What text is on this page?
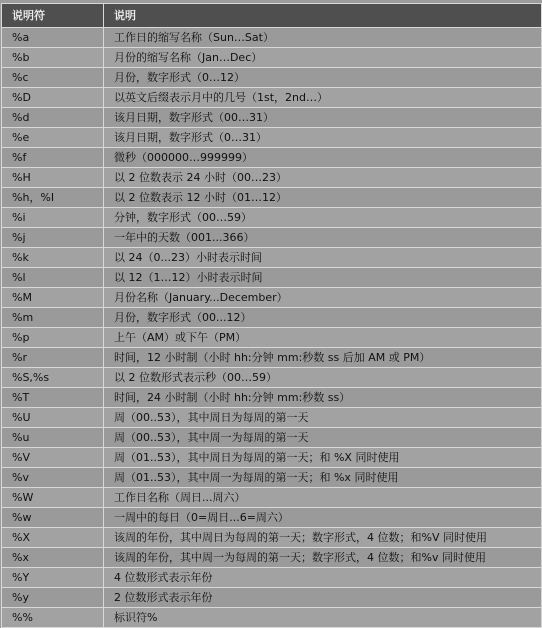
说明符	说明
%a	工作日的缩写名称（Sun…Sat）
%b	月份的缩写名称（Jan…Dec）
%c	月份，数字形式（0…12）
%D	以英文后缀表示月中的几号（1st，2nd…）
%d	该月日期，数字形式（00…31）
%e	该月日期，数字形式（0…31）
%f	微秒（000000…999999）
%H	以 2 位数表示 24 小时（00…23）
%h，%I	以 2 位数表示 12 小时（01…12）
%i	分钟，数字形式（00…59）
%j	一年中的天数（001...366）
%k	以 24（0...23）小时表示时间
%l	以 12（1…12）小时表示时间
%M	月份名称（January...December）
%m	月份，数字形式（00...12）
%p	上午（AM）或下午（PM）
%r	时间，12 小时制（小时 hh:分钟 mm:秒数 ss 后加 AM 或 PM）
%S,%s	以 2 位数形式表示秒（00…59）
%T	时间，24 小时制（小时 hh:分钟 mm:秒数 ss）
%U	周（00..53），其中周日为每周的第一天
%u	周（00..53），其中周一为每周的第一天
%V	周（01..53），其中周日为每周的第一天；和 %X 同时使用
%v	周（01..53），其中周一为每周的第一天；和 %x 同时使用
%W	工作日名称（周日...周六）
%w	一周中的每日（0=周日...6=周六）
%X	该周的年份，其中周日为每周的第一天；数字形式，4 位数；和%V 同时使用
%x	该周的年份，其中周一为每周的第一天；数字形式，4 位数；和%v 同时使用
%Y	4 位数形式表示年份
%y	2 位数形式表示年份
%%	标识符%
